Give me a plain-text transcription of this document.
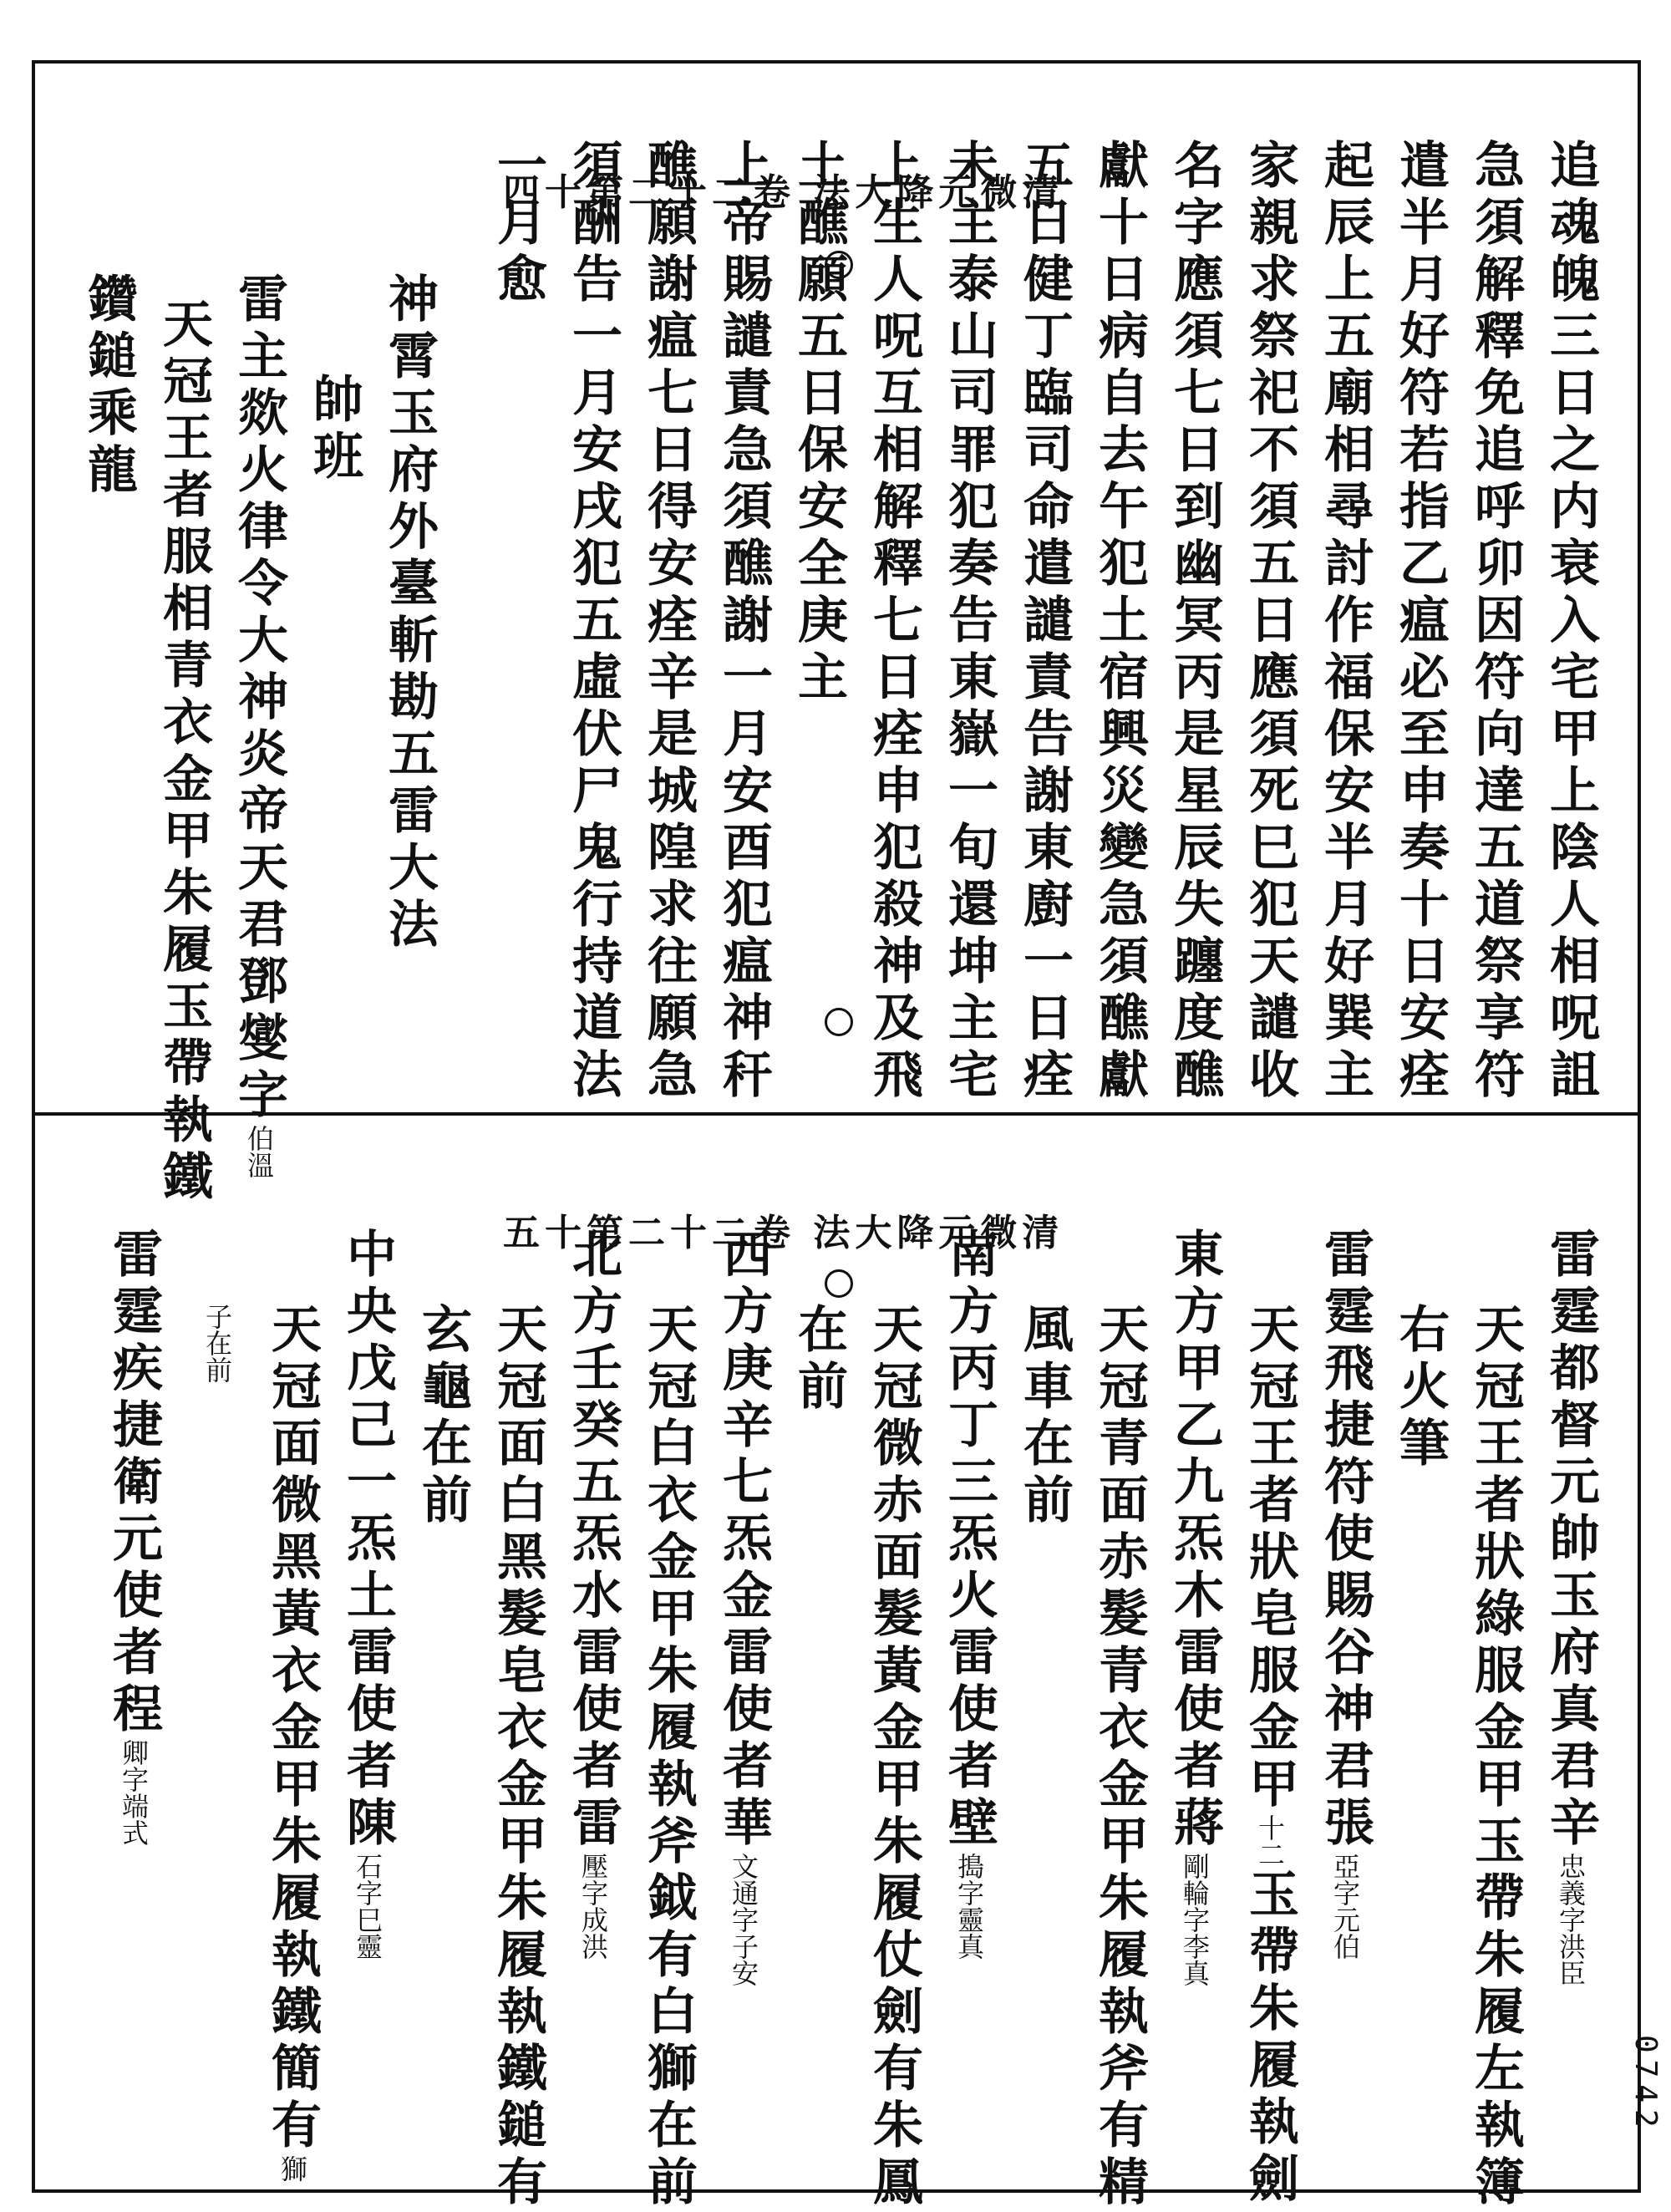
清微元降大法 卷二十二第十四	追魂魄三日之内衰入宅甲上陰人相呪詛
急須解釋免追呼卯因符向達五道祭享符
遣半月好符若指乙瘟必至申奏十日安痊
起辰上五廟相尋討作福保安半月好巽主
家親求祭祀不須五日應須死巳犯天譴收
名字應須七日到幽冥丙是星辰失躔度醮
獻十日病自去午犯土宿興災變急須醮獻
五日健丁臨司命遣譴責告謝東廚一日痊
未主泰山司罪犯奏告東嶽一旬還坤主宅
上生人呪互相解釋七日痊申犯殺神及飛
土醮願五日保安全庚主
上帝賜譴責急須醮謝一月安酉犯瘟神秆
醮願謝瘟七日得安痊辛是城隍求往願急
須酬告一月安戌犯五虛伏尸鬼行持道法
一月愈
神霄玉府外臺斬勘五雷大法
帥班
雷主欻火律令大神炎帝天君鄧燮字伯溫
天冠王者服相青衣金甲朱履玉帶執鐵
鑽鎚乘龍
清微元降大法 卷二十二第十五	雷霆都督元帥玉府真君辛忠義字洪臣
天冠王者狀綠服金甲玉帶朱履左執簿
右火筆
雷霆飛捷符使賜谷神君張亞字元伯
天冠王者狀皂服金甲十二玉帶朱履執劍
東方甲乙九炁木雷使者蔣剛輪字李真
天冠青面赤髮青衣金甲朱履執斧有精
風車在前
南方丙丁三炁火雷使者壁搗字靈真
天冠微赤面髮黃金甲朱履仗劍有朱鳳
在前
西方庚辛七炁金雷使者華文通字子安
天冠白衣金甲朱履執斧鉞有白獅在前
北方壬癸五炁水雷使者雷壓字成洪
天冠面白黑髮皂衣金甲朱履執鐵鎚有
玄龜在前
中央戊己一炁土雷使者陳石字巳靈
天冠面微黑黃衣金甲朱履執鐵簡有獅
子在前
雷霆疾捷衛元使者程卿字端式
0742
